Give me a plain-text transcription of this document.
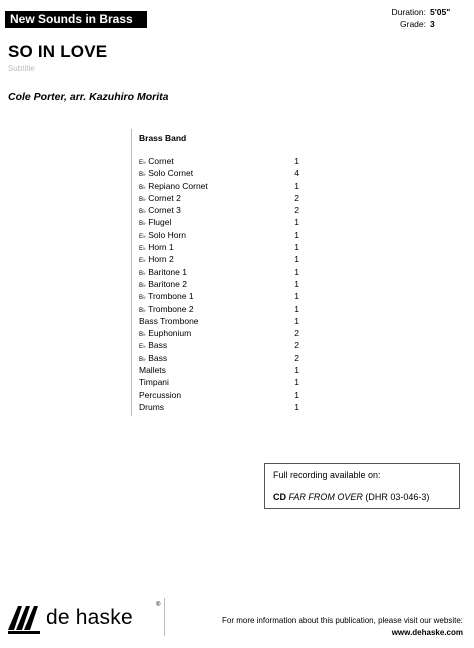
New Sounds in Brass	Duration: 5'05"
Grade: 3
SO IN LOVE
Subtitle
Cole Porter, arr. Kazuhiro Morita
Brass Band
E♭ Cornet	1
B♭ Solo Cornet	4
B♭ Repiano Cornet	1
B♭ Cornet 2	2
B♭ Cornet 3	2
B♭ Flugel	1
E♭ Solo Horn	1
E♭ Horn 1	1
E♭ Horn 2	1
B♭ Baritone 1	1
B♭ Baritone 2	1
B♭ Trombone 1	1
B♭ Trombone 2	1
Bass Trombone	1
B♭ Euphonium	2
E♭ Bass	2
B♭ Bass	2
Mallets	1
Timpani	1
Percussion	1
Drums	1
Full recording available on:
CD FAR FROM OVER (DHR 03-046-3)
de haske
®
For more information about this publication, please visit our website:
www.dehaske.com
